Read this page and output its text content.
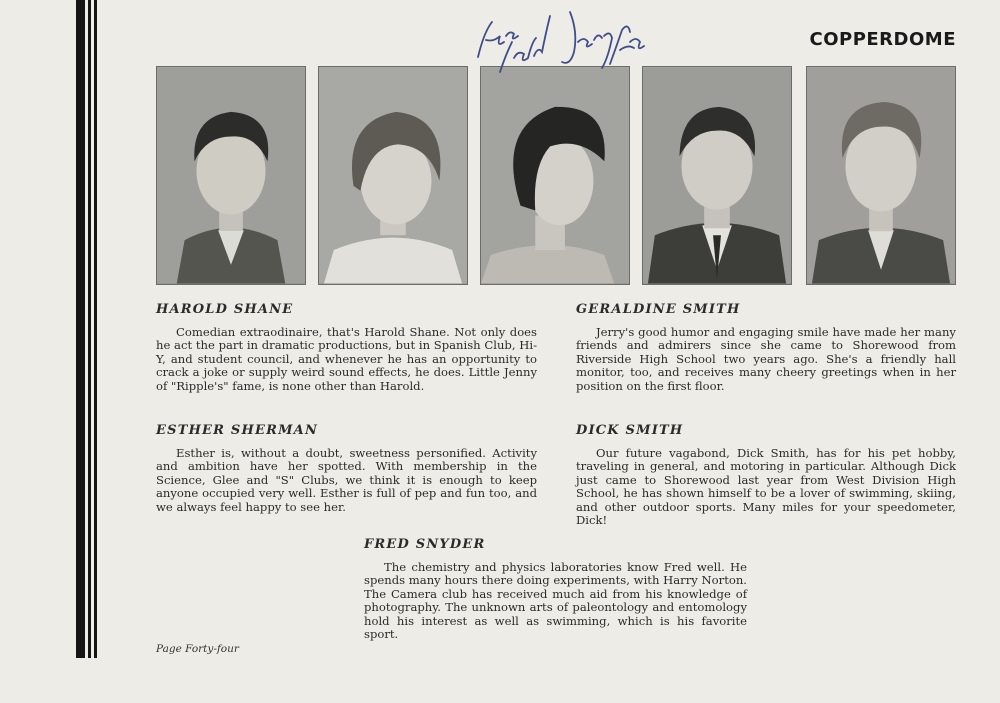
COPPERDOME
HAROLD SHANE

Comedian extraodinaire, that's Harold Shane. Not only does he act the part in dramatic productions, but in Spanish Club, Hi-Y, and student council, and whenever he has an opportunity to crack a joke or supply weird sound effects, he does. Little Jenny of "Ripple's" fame, is none other than Harold.

GERALDINE SMITH

Jerry's good humor and engaging smile have made her many friends and admirers since she came to Shorewood from Riverside High School two years ago. She's a friendly hall monitor, too, and receives many cheery greetings when in her position on the first floor.

ESTHER SHERMAN

Esther is, without a doubt, sweetness personified. Activity and ambition have her spotted. With membership in the Science, Glee and "S" Clubs, we think it is enough to keep anyone occupied very well. Esther is full of pep and fun too, and we always feel happy to see her.

DICK SMITH

Our future vagabond, Dick Smith, has for his pet hobby, traveling in general, and motoring in particular. Although Dick just came to Shorewood last year from West Division High School, he has shown himself to be a lover of swimming, skiing, and other outdoor sports. Many miles for your speedometer, Dick!

FRED SNYDER

The chemistry and physics laboratories know Fred well. He spends many hours there doing experiments, with Harry Norton. The Camera club has received much aid from his knowledge of photography. The unknown arts of paleontology and entomology hold his interest as well as swimming, which is his favorite sport.

Page Forty-four
